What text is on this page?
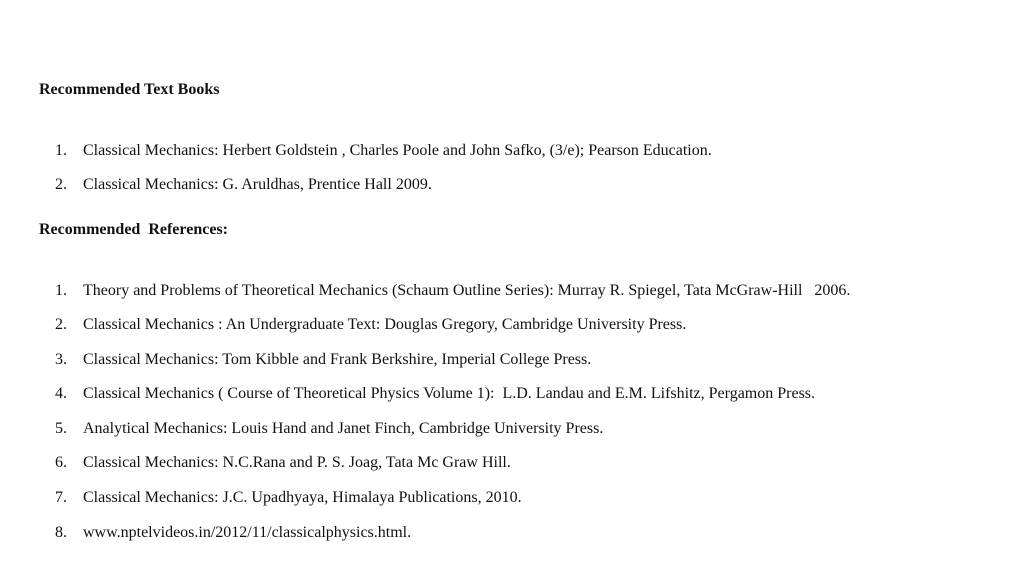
Recommended Text Books

1. Classical Mechanics: Herbert Goldstein , Charles Poole and John Safko, (3/e); Pearson Education.

2. Classical Mechanics: G. Aruldhas, Prentice Hall 2009.

Recommended  References:

1. Theory and Problems of Theoretical Mechanics (Schaum Outline Series): Murray R. Spiegel, Tata McGraw-Hill   2006.

2. Classical Mechanics : An Undergraduate Text: Douglas Gregory, Cambridge University Press.

3. Classical Mechanics: Tom Kibble and Frank Berkshire, Imperial College Press.

4. Classical Mechanics ( Course of Theoretical Physics Volume 1):  L.D. Landau and E.M. Lifshitz, Pergamon Press.

5. Analytical Mechanics: Louis Hand and Janet Finch, Cambridge University Press.

6. Classical Mechanics: N.C.Rana and P. S. Joag, Tata Mc Graw Hill.

7. Classical Mechanics: J.C. Upadhyaya, Himalaya Publications, 2010.

8. www.nptelvideos.in/2012/11/classicalphysics.html.
